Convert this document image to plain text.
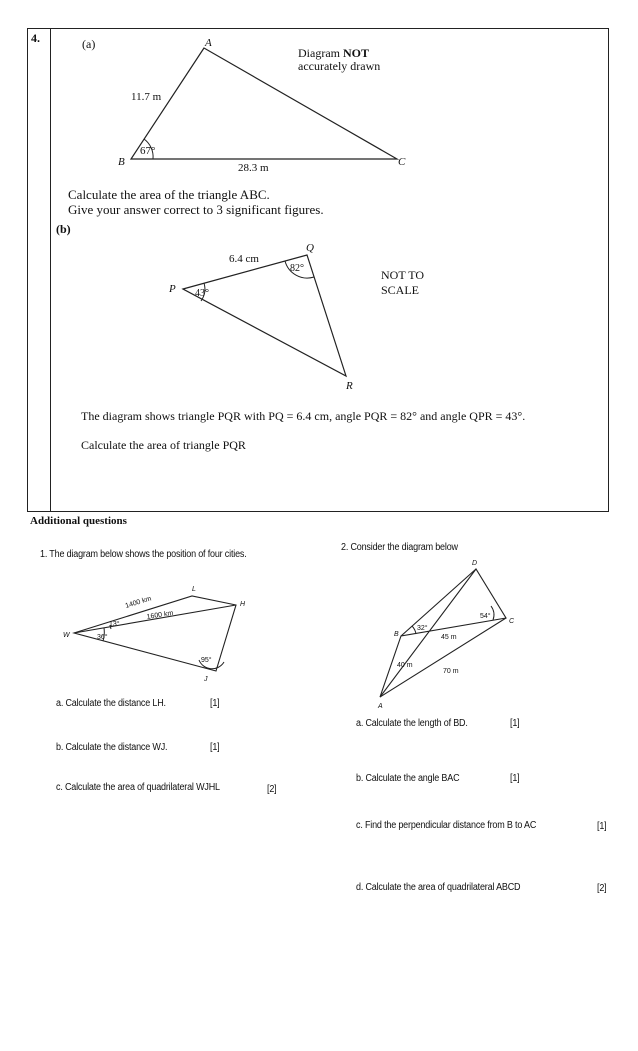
4.	(a)	A
B	C
11.7 m
28.3 m
67°
Diagram NOT
accurately drawn
Calculate the area of the triangle ABC.
Give your answer correct to 3 significant figures.
(b)
P
Q
R
6.4 cm
82°
43°
NOT TO
SCALE
The diagram shows triangle PQR with PQ = 6.4 cm, angle PQR = 82° and angle QPR = 43°.
Calculate the area of triangle PQR
Additional questions
1. The diagram below shows the position of four cities.
W
L
H
J
1400 km
1600 km
13°
36°
95°
a. Calculate the distance LH.	[1]
b. Calculate the distance WJ.	[1]
c. Calculate the area of quadrilateral WJHL	[2]
2. Consider the diagram below
D
B
C
A
45 m
40 m
70 m
32°
54°
a. Calculate the length of BD.	[1]
b. Calculate the angle BAC	[1]
c. Find the perpendicular distance from B to AC	[1]
d. Calculate the area of quadrilateral ABCD	[2]
